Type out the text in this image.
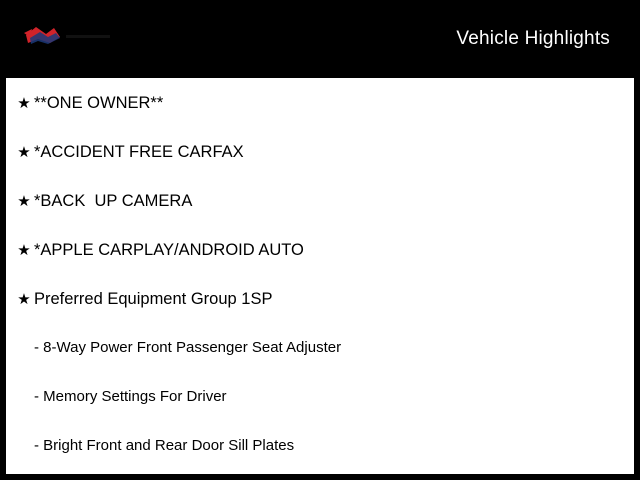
Vehicle Highlights
★ **ONE OWNER**
★ *ACCIDENT FREE CARFAX
★ *BACK  UP CAMERA
★ *APPLE CARPLAY/ANDROID AUTO
★ Preferred Equipment Group 1SP
- 8-Way Power Front Passenger Seat Adjuster
- Memory Settings For Driver
- Bright Front and Rear Door Sill Plates
